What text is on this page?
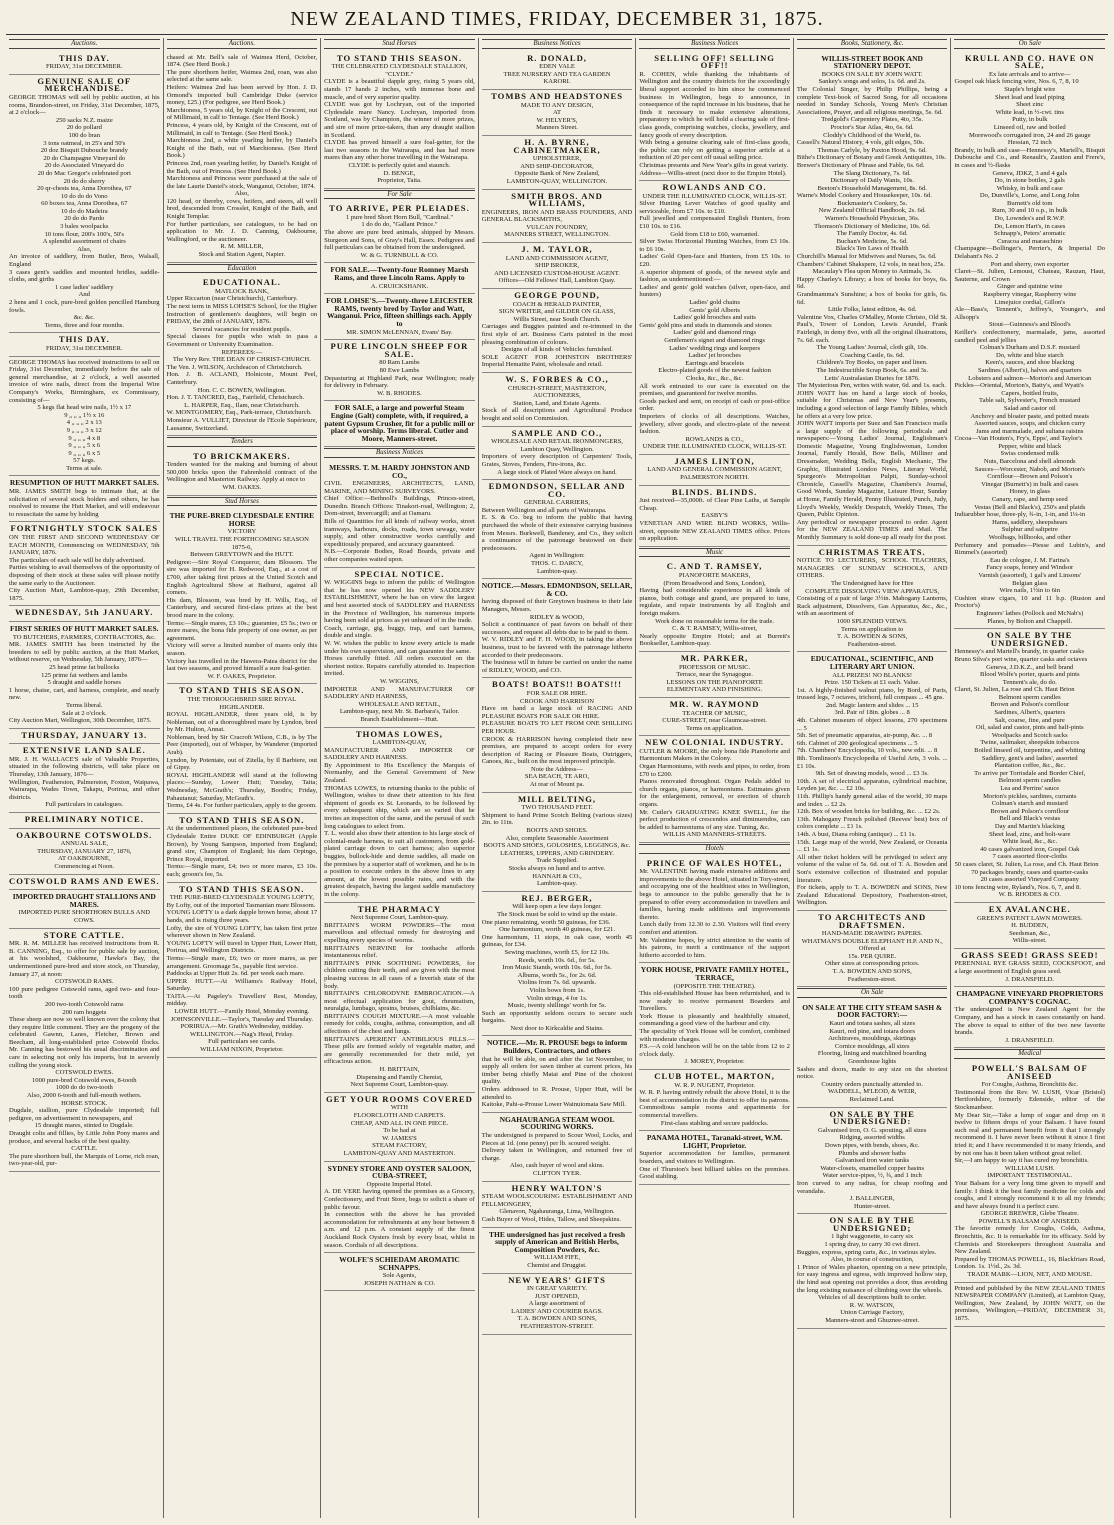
NEW ZEALAND TIMES, FRIDAY, DECEMBER 31, 1875.
Auctions.
THIS DAY.
FRIDAY, 31st DECEMBER.
GENUINE SALE OF MERCHANDISE.
GEORGE THOMAS will sell by public auction, at his rooms, Brandon-street, on Friday, 31st December, 1875, at 2 o'clock—
250 sacks N.Z. maize
20 do pollard
100 do bran
3 tons oatmeal, in 25's and 50's
20 doz Bisquit Dubouche brandy
20 do Champagne Vineyard do
20 do Associated Vineyard do
20 do Mac Gregor's celebrated port
20 do do sherry
20 qr-chests tea, Anna Dorothea, 67
10 do do do Vono
60 boxes tea, Anna Dorothea, 67
10 do do Madeira
20 do do Pardo
3 bales woolpacks
10 tons flour, 200's 100's, 50's
A splendid assortment of chairs
Also,
An invoice of saddlery, from Butler, Bros, Walsall, England
3 cases gent's saddles and mounted bridles, saddle-cloths, and girths
1 case ladies' saddlery
And
2 hens and 1 cock, pure-bred golden pencilled Hamburg fowls.
&c. &c.
Terms, three and four months.
THIS DAY.
FRIDAY, 31st DECEMBER.
GEORGE THOMAS has received instructions to sell on Friday, 31st December, immediately before the sale of general merchandise, at 2 o'clock, a well assorted invoice of wire nails, direct from the Imperial Wire Company's Works, Birmingham, ex Commissary, consisting of—
5 kegs flat head wire nails, 1½ x 17
9 „ „ „ 1½ x 16
4 „ „ „ 2 x 13
9 „ „ „ 3 x 12
9 „ „ „ 4 x 8
9 „ „ „ 5 x 6
9 „ „ „ 6 x 5
57 kegs.
Terms at sale.
RESUMPTION OF HUTT MARKET SALES.
MR. JAMES SMITH begs to intimate that, at the solicitation of several stock holders and others, he has resolved to resume the Hutt Market, and will endeavour to resuscitate the same by holding
FORTNIGHTLY STOCK SALES
ON THE FIRST AND SECOND WEDNESDAY OF EACH MONTH, Commencing on WEDNESDAY, 5th JANUARY, 1876.
The particulars of each sale will be duly advertised.
Parties wishing to avail themselves of the opportunity of disposing of their stock at these sales will please notify the same early to the Auctioneer.
City Auction Mart, Lambton-quay, 29th December, 1875.
WEDNESDAY, 5th JANUARY.
FIRST SERIES OF HUTT MARKET SALES.
TO BUTCHERS, FARMERS, CONTRACTORS, &c.
MR. JAMES SMITH has been instructed by the breeders to sell by public auction, at the Hutt Market, without reserve, on Wednesday, 5th January, 1876—
25 head prime fat bullocks
125 prime fat wethers and lambs
5 draught and saddle horses
1 horse, chaise, cart, and harness, complete, and nearly new.
Terms liberal.
Sale at 2 o'clock.
City Auction Mart, Wellington, 30th December, 1875.
THURSDAY, JANUARY 13.
EXTENSIVE LAND SALE.
MR. J. H. WALLACE'S sale of Valuable Properties, situated in the following districts, will take place on Thursday, 13th January, 1876—
Wellington, Featherston, Palmerston, Foxton, Waipawa, Wairarapa, Wades Town, Takapu, Porirua, and other districts.
Full particulars in catalogues.
PRELIMINARY NOTICE.
OAKBOURNE COTSWOLDS.
ANNUAL SALE,
THURSDAY, JANUARY 27, 1876,
AT OAKBOURNE,
Commencing at Noon.
COTSWOLD RAMS AND EWES.
IMPORTED DRAUGHT STALLIONS AND MARES.
IMPORTED PURE SHORTHORN BULLS AND COWS.
STORE CATTLE.
MR. R. M. MILLER has received instructions from R. B. CANNING, Esq., to offer for public sale by auction, at his woolshed, Oakbourne, Hawke's Bay, the undermentioned pure-bred and store stock, on Thursday, January 27, at noon:
COTSWOLD RAMS.
100 pure pedigree Cotswold rams, aged two- and four-tooth
200 two-tooth Cotswold rams
200 ram hoggets
These sheep are now so well known over the colony that they require little comment. They are the progeny of the celebrated Gawnn, Lanes, Fletcher, Brown and Beecham, all long-established prize Cotswold flocks. Mr. Canning has bestowed his usual discrimination and care in selecting not only his imports, but in severely culling the young stock.
COTSWOLD EWES.
1000 pure-bred Cotswold ewes, 8-tooth
1000 do do two-tooth
Also, 2000 6-tooth and full-mouth wethers.
HORSE STOCK.
Dugdale, stallion, pure Clydesdale imported; full pedigree, on advertisement in newspapers, and
15 draught mares, stinted to Dugdale.
Draught colts and fillies, by Little John Pony mares and produce, and several hacks of the best quality.
CATTLE.
The pure shorthorn bull, the Marquis of Lorne, rich roan, two-year-old, pur-
Auctions.
chased at Mr. Bell's sale of Waimea Herd, October, 1874. (See Herd Book.)
The pure shorthorn heifer, Waimea 2nd, roan, was also selected at the same sale.
Heifers: Waimea 2nd has been served by Hon. J. D. Ormond's imported bull Cambridge Duke (service money, £25.) (For pedigree, see Herd Book.)
Marchioness, 5 years old, by Knight of the Crescent, out of Millimaid, in calf to Tentage. (See Herd Book.)
Princess, 4 years old, by Knight of the Crescent, out of Millimaid, in calf to Tentage. (See Herd Book.)
Marchioness 2nd, a white yearling heifer, by Daniel's Knight of the Bath, out of Marchioness. (See Herd Book.)
Princess 2nd, roan yearling heifer, by Daniel's Knight of the Bath, out of Princess. (See Herd Book.)
Marchioness and Princess were purchased at the sale of the late Laurie Daniel's stock, Wanganui, October, 1874.
Also,
120 head, or thereby, cows, heifers, and steers, all well bred, descended from Crosslet, Knight of the Bath, and Knight Templar.
For further particulars, see catalogues, to be had on application to Mr. J. D. Canning, Oakbourne, Wallingford, or the auctioneer.
R. M. MILLER,
Stock and Station Agent, Napier.
Education
EDUCATIONAL.
MATLOCK BANK,
Upper Riccarton (near Christchurch), Canterbury.
The next term in MISS LOHSE'S School, for the Higher Instruction of gentlemen's daughters, will begin on FRIDAY, the 28th of JANUARY, 1876.
Several vacancies for resident pupils.
Special classes for pupils who wish to pass a Government or University Examination.
REFEREES:—
The Very Rev. THE DEAN OF CHRIST-CHURCH.
The Ven. J. WILSON, Archdeacon of Christchurch.
Hon. J. B. ACLAND, Holnicote, Mount Peel, Canterbury.
Hon. C. C. BOWEN, Wellington.
Hon. J. T. TANCRED, Esq., Fairfield, Christchurch.
L. HARPER, Esq., Ilam, near Christchurch.
W. MONTGOMERY, Esq., Park-terrace, Christchurch.
Monsieur A. VULLIET, Directeur de l'Ecole Supérieure, Lausanne, Switzerland.
Tenders
TO BRICKMAKERS.
Tenders wanted for the making and burning of about 500,000 bricks upon the Fahrenhold contract of the Wellington and Masterton Railway. Apply at once to
WM. OAKES.
Stud Horses
THE PURE-BRED CLYDESDALE ENTIRE HORSE
VICTORY
WILL TRAVEL THE FORTHCOMING SEASON 1875-6,
Between GREYTOWN and the HUTT.
Pedigree:—Sire Royal Conqueror, dam Blossom. The sire was imported for H. Redwood, Esq., at a cost of £700, after taking first prizes at the United Scotch and English Agricultural Show at Bathurst, against all comers.
His dam, Blossom, was bred by H. Wills, Esq., of Canterbury, and secured first-class prizes at the best brood mare in the colony.
Terms:—Single mares, £3 10s.; guarantee, £5 5s.; two or more mares, the bona fide property of one owner, as per agreement.
Victory will serve a limited number of mares only this season.
Victory has travelled in the Hawera-Patea district for the last two seasons, and proved himself a sure foal-getter.
W. F. OAKES, Proprietor.
TO STAND THIS SEASON.
THE THOROUGHBRED SIRE ROYAL HIGHLANDER.
ROYAL HIGHLANDER, three years old, is by Nobleman, out of a thoroughbred mare by Lyndon, bred by Mr. Hulton, Annat.
Nobleman, bred by Sir Cracroft Wilson, C.B., is by The Peer (imported), out of Whisper, by Wanderer (imported Arab).
Lyndon, by Potentate, out of Zitella, by Il Barbiere, out of Gipsy.
ROYAL HIGHLANDER will stand at the following places:—Sunday, Lower Hutt; Tuesday, Taita; Wednesday, McGrath's; Thursday, Booth's; Friday, Pahautanui; Saturday, McGrath's.
Terms, £4 4s. For further particulars, apply to the groom.
TO STAND THIS SEASON.
At the undermentioned places, the celebrated pure-bred Clydesdale Entire DUKE OF EDINBURGH (Apple Brown), by Young Sampson, imported from England; grand sire, Champion of England; his dam Orpingo, Prince Royal, imported.
Terms:—Single mare, £4; two or more mares, £3 10s. each; groom's fee, 5s.
TO STAND THIS SEASON.
THE PURE-BRED CLYDESDALE YOUNG LOFTY,
By Lofty, out of the imported Tasmanian mare Blossom.
YOUNG LOFTY is a dark dapple brown horse, about 17 hands, and is rising three years.
Lofty, the sire of YOUNG LOFTY, has taken first prize wherever shown in New Zealand.
YOUNG LOFTY will travel in Upper Hutt, Lower Hutt, Porirua, and Wellington Districts.
Terms:—Single mare, £6; two or more mares, as per arrangement. Groomage 5s., payable first service.
Paddocks at Upper Hutt 2s. 6d. per week each mare.
UPPER HUTT.—At Williams's Railway Hotel, Saturday.
TAITA.—At Pageley's Travellers' Rest, Monday, midday.
LOWER HUTT.—Family Hotel, Monday evening.
JOHNSONVILLE.—Taylor's, Tuesday and Thursday.
PORIRUA.—Mr. Grath's Wednesday, midday.
WELLINGTON.—Nag's Head, Friday.
Full particulars see cards.
WILLIAM NIXON, Proprietor.
Stud Horses
TO STAND THIS SEASON.
THE CELEBRATED CLYDESDALE STALLION, "CLYDE."
CLYDE is a beautiful dapple grey, rising 5 years old, stands 17 hands 2 inches, with immense bone and muscle, and of very superior quality.
CLYDE was got by Lochryan, out of the imported Clydesdale mare Nancy. Lochryan, imported from Scotland, was by Champion, the winner of more prizes, and sire of more prize-takers, than any draught stallion in Scotland.
CLYDE has proved himself a sure foal-getter, for the last two seasons in the Wairarapa, and has had more mares than any other horse travelling in the Wairarapa.
CLYDE is perfectly quiet and staunch.
D. BENGE,
Proprietor, Taita.
For Sale
TO ARRIVE, PER PLEIADES.
1 pure bred Short Horn Bull, "Cardinal."
1 do do do, "Gallant Prince."
The above are pure bred animals, shipped by Messrs. Sturgeon and Sons, of Gray's Hall, Essex. Pedigrees and full particulars can be obtained from the undersigned.
W. & G. TURNBULL & CO.
FOR SALE.—Twenty-four Romney Marsh Rams, and three Lincoln Rams. Apply to
A. CRUICKSHANK.
FOR LOHSE'S.—Twenty-three LEICESTER RAMS, twenty bred by Taylor and Watt, Wanganui. Price, fifteen shillings each. Apply to
MR. SIMON McLENNAN, Evans' Bay.
PURE LINCOLN SHEEP FOR SALE.
80 Ram Lambs
80 Ewe Lambs
Depasturing at Highland Park, near Wellington; ready for delivery in February.
W. B. RHODES.
FOR SALE, a large and powerful Steam Engine (Galt) complete, with, if required, a patent Gypsum Crusher, fit for a public mill or place of worship. Terms liberal. Cutler and Moore, Manners-street.
Business Notices
MESSRS. T. M. HARDY JOHNSTON AND CO.,
CIVIL ENGINEERS, ARCHITECTS, LAND, MARINE, AND MINING SURVEYORS.
Chief Office:—Bethnoll's Buildings, Princes-street, Dunedin. Branch Offices: Tinakori-road, Wellington; 2, Dom-street, Invercargill; and at Oamaru.
Bills of Quantities for all kinds of railway works, street tramways, harbours, docks, roads, town sewage, water supply, and other constructive works carefully and expeditiously prepared, and accuracy guaranteed.
N.B.—Corporate Bodies, Road Boards, private and other companies waited upon.
SPECIAL NOTICE.
W. WIGGINS begs to inform the public of Wellington that he has now opened his NEW SADDLERY ESTABLISHMENT, where he has on view the largest and best assorted stock of SADDLERY and HARNESS in the Province of Wellington, his numerous imports having been sold at prices as yet unheard of in the trade.
Coach, carriage, gig, buggy, trap, and cart harness, double and single.
W. W. wishes the public to know every article is made under his own supervision, and can guarantee the same.
Horses carefully fitted. All orders executed on the shortest notice. Repairs carefully attended to. Inspection invited.
W. WIGGINS,
IMPORTER AND MANUFACTURER OF SADDLERY AND HARNESS,
WHOLESALE AND RETAIL,
Lambton-quay, next Mr. St. Barbara's, Tailor.
Branch Establishment—Hutt.
THOMAS LOWES,
LAMBTON-QUAY,
MANUFACTURER AND IMPORTER OF SADDLERY AND HARNESS.
By Appointment to His Excellency the Marquis of Normanby, and the General Government of New Zealand.
THOMAS LOWES, in returning thanks to the public of Wellington, wishes to draw their attention to his first shipment of goods ex St. Leonards, to be followed by every subsequent ship, which are so varied that he invites an inspection of the same, and the perusal of such long catalogues to select from.
T. L. would also draw their attention to his large stock of colonial-made harness, to suit all customers, from gold-plated carriage down to cart harness; also superior buggies, bullock-hide and demie saddles, all made on the premises by a superior staff of workmen, and he is in a position to execute orders in the above lines to any amount, at the lowest possible rates, and with the greatest despatch, having the largest saddle manufactory in the colony.
THE PHARMACY
Next Supreme Court, Lambton-quay.
BRITTAIN'S WORM POWDERS—The most marvellous and effectual remedy for destroying and expelling every species of worms.
BRITTAIN'S NERVINE for toothache affords instantaneous relief.
BRITTAIN'S PINK SOOTHING POWDERS, for children cutting their teeth, and are given with the most pleasing success in all cases of a feverish state of the body.
BRITTAIN'S CHLORODYNE EMBROCATION.—A most effectual application for gout, rheumatism, neuralgia, lumbago, sprains, bruises, chilblains, &c.
BRITTAIN'S COUGH MIXTURE.—A most valuable remedy for colds, coughs, asthma, consumption, and all affections of the chest and lungs.
BRITTAIN'S APERIENT ANTIBILIOUS PILLS.—These pills are formed solely of vegetable matter, and are generally recommended for their mild, yet efficacious action.
H. BRITTAIN,
Dispensing and Family Chemist,
Next Supreme Court, Lambton-quay.
GET YOUR ROOMS COVERED
WITH
FLOORCLOTH AND CARPETS.
CHEAP, AND ALL IN ONE PIECE.
To be had at
W. JAMES'S
STEAM FACTORY,
LAMBTON-QUAY AND MASTERTON.
SYDNEY STORE AND OYSTER SALOON, CUBA-STREET,
Opposite Imperial Hotel.
A. DE VERE having opened the premises as a Grocery, Confectionery, and Fruit Store, begs to solicit a share of public favour.
In connection with the above he has provided accommodation for refreshments at any hour between 8 a.m. and 12 p.m. A constant supply of the finest Auckland Rock Oysters fresh by every boat, whilst in season. Cordials of all descriptions.
WOLFE'S SCHIEDAM AROMATIC SCHNAPPS.
Sole Agents,
JOSEPH NATHAN & CO.
Business Notices
R. DONALD,
EDEN VALE
TREE NURSERY AND TEA GARDEN
KARORI.
TOMBS AND HEADSTONES
MADE TO ANY DESIGN,
AT
W. HELYER'S,
Manners Street.
H. A. BYRNE, CABINETMAKER,
UPHOLSTERER,
AND SHIP-DECORATOR,
Opposite Bank of New Zealand,
LAMBTON-QUAY, WELLINGTON.
SMITH BROS. AND WILLIAMS,
ENGINEERS, IRON AND BRASS FOUNDERS, AND GENERAL BLACKSMITHS,
VULCAN FOUNDRY,
MANNERS STREET, WELLINGTON.
J. M. TAYLOR,
LAND AND COMMISSION AGENT,
SHIP BROKER,
AND LICENSED CUSTOM-HOUSE AGENT.
Offices—Old Fellows' Hall, Lambton Quay.
GEORGE POUND,
COACH & HERALD PAINTER,
SIGN WRITER, and GILDER ON GLASS,
Willis Street, near South Church.
Carriages and Buggies painted and re-trimmed in the first style of art. Business Carts painted in the most pleasing combination of colours.
Designs of all kinds of Vehicles furnished.
SOLE AGENT FOR JOHNSTON BROTHERS' Imperial Hematite Paint, wholesale and retail.
W. S. FORBES & CO.,
CHURCH-STREET, MASTERTON,
AUCTIONEERS,
Station, Land, and Estate Agents.
Stock of all descriptions and Agricultural Produce bought and sold on Commission.
SAMPLE AND CO.,
WHOLESALE AND RETAIL IRONMONGERS,
Lambton Quay, Wellington.
Importers of every description of Carpenters' Tools, Grates, Stoves, Fenders, Fire-irons, &c.
A large stock of Plated Ware always on hand.
EDMONDSON, SELLAR AND CO.
GENERAL CARRIERS,
Between Wellington and all parts of Wairarapa.
E. S. & Co. beg to inform the public that having purchased the whole of their extensive carrying business from Messrs. Burkwell, Bandeney, and Co., they solicit a continuance of the patronage bestowed on their predecessors.
Agent in Wellington:
THOS. C. DARCY,
Lambton-quay.
NOTICE.—Messrs. EDMONDSON, SELLAR, & CO.
having disposed of their Greytown business to their late Managers, Messrs.
RIDLEY & WOOD,
Solicit a continuance of past favors on behalf of their successors, and request all debts due to be paid to them.
W. V. RIDLEY and F. H. WOOD, in taking the above business, trust to be favored with the patronage hitherto accorded to their predecessors.
The business will in future be carried on under the name of RIDLEY, WOOD, and CO.
BOATS! BOATS!! BOATS!!!
FOR SALE OR HIRE.
CROOK AND HARRISON
Have on hand a large stock of RACING AND PLEASURE BOATS FOR SALE OR HIRE.
PLEASURE BOATS TO LET FROM ONE SHILLING PER HOUR.
CROOK & HARRISON having completed their new premises, are prepared to accept orders for every description of Racing or Pleasure Boats, Outriggers, Canoes, &c., built on the most improved principle.
Note the Address—
SEA BEACH, TE ARO,
At rear of Mount pa.
MILL BELTING,
TWO THOUSAND FEET.
Shipment to hand Prime Scotch Belting (various sizes) 2in. to 11in.
BOOTS AND SHOES.
Also, complete Seasonable Assortment
BOOTS AND SHOES, GOLOSHES, LEGGINGS, &c.
LEATHERS, UPPERS, AND GRINDERY.
Trade Supplied.
Stocks always on hand and to arrive.
HANNAH & CO.,
Lambton-quay.
REJ. BERGER,
Will keep open a few days longer.
The Stock must be sold to wind up the estate.
One piano remaining, worth 50 guineas, for £36.
One harmonium, worth 40 guineas, for £21.
One harmonium, 11 stops, in oak case, worth 45 guineas, for £34.
Sewing machines, worth £5, for £2 10s.
Reeds, worth 10s. 6d., for 5s.
Iron Music Stands, worth 10s. 6d., for 5s.
Albums, worth 5s., for 2s. 6d.
Violins from 7s. 6d. upwards.
Violin bows from 1s.
Violin strings, 4 for 1s.
Music, twenty shillings' worth for 5s.
Such an opportunity seldom occurs to secure such bargains.
Next door to Kirkcaldie and Stains.
NOTICE.—Mr. R. PROUSE begs to inform Builders, Contractors, and others
that he will be able, on and after the 1st November, to supply all orders for sawn timber at current prices, his timber being chiefly Matai and Pine of the choicest quality.
Orders addressed to R. Prouse, Upper Hutt, will be attended to.
Kaitoke, Pahi-a-Prouse Lower Wainuiomata Saw Mill.
NGAHAURANGA STEAM WOOL SCOURING WORKS.
The undersigned is prepared to Scour Wool, Locks, and Pieces at 1d. (one penny) per lb. scoured weight.
Delivery taken in Wellington, and returned free of charge.
Also, cash buyer of wool and skins.
CLIFTON TYER.
HENRY WALTON'S
STEAM WOOLSCOURING ESTABLISHMENT AND FELLMONGERY,
Glenavon, Ngahauranga, Lima, Wellington.
Cash Buyer of Wool, Hides, Tallow, and Sheepskins.
THE undersigned has just received a fresh supply of American and British Herbs, Composition Powders, &c.
WILLIAM FIFE,
Chemist and Druggist.
NEW YEARS' GIFTS
IN GREAT VARIETY.
JUST OPENED,
A large assortment of
LADIES' AND COURIER BAGS.
T. A. BOWDEN AND SONS,
FEATHERSTON-STREET.
Business Notices
SELLING OFF! SELLING OFF!!
R. COHEN, while thanking the inhabitants of Wellington and the country districts for the exceedingly liberal support accorded to him since he commenced business in Wellington, begs to announce, in consequence of the rapid increase in his business, that he finds it necessary to make extensive alterations, preparatory to which he will hold a clearing sale of first-class goods, comprising watches, clocks, jewellery, and fancy goods of every description.
With being a genuine clearing sale of first-class goods, the public can rely on getting a superior article at a reduction of 20 per cent off usual selling price.
Christmas presents and New Year's gifts in great variety.
Address—Willis-street (next door to the Empire Hotel).
ROWLANDS AND CO.
UNDER THE ILLUMINATED CLOCK, WILLIS-ST.
Silver Hunting Lever Watches of good quality and serviceable, from £7 10s. to £10.
Full jewelled and compensated English Hunters, from £10 10s. to £16.
Gold from £18 to £60, warranted.
Silver Swiss Horizontal Hunting Watches, from £3 10s. to £6 10s.
Ladies' Gold Open-face and Hunters, from £5 10s. to £20.
A superior shipment of goods, of the newest style and fashion, as undermentioned:—
Ladies' and gents' gold watches (silver, open-face, and hunters)
Ladies' gold chains
Gents' gold Alberts
Ladies' gold brooches and suits
Gents' gold pins and studs in diamonds and stones
Ladies' gold and diamond rings
Gentlemen's signet and diamond rings
Ladies' wedding rings and keepers
Ladies' jet brooches
Earrings and bracelets
Electro-plated goods of the newest fashion
Clocks, &c., &c., &c.
All work entrusted to our care is executed on the premises, and guaranteed for twelve months.
Goods packed and sent, on receipt of cash or post-office order.
Importers of clocks of all descriptions. Watches, jewellery, silver goods, and electro-plate of the newest fashion.
ROWLANDS & CO.,
UNDER THE ILLUMINATED CLOCK, WILLIS-ST.
JAMES LINTON,
LAND AND GENERAL COMMISSION AGENT,
PALMERSTON NORTH.
BLINDS. BLINDS.
Just received—35,000ft. of Clear Pine Laths, at Sample Cheap.
EASBY'S
VENETIAN AND WIRE BLIND WORKS, Willis-street, opposite NEW ZEALAND TIMES office. Prices on application.
Music
C. AND T. RAMSEY,
PIANOFORTE MAKERS,
(From Broadwood and Sons, London),
Having had considerable experience in all kinds of pianos, both cottage and grand, are prepared to tune, regulate, and repair instruments by all English and foreign makers.
Work done on reasonable terms for the trade.
C. & T. RAMSEY, Willis-street,
Nearly opposite Empire Hotel; and at Burrett's Bookseller, Lambton-quay.
MR. PARKER,
PROFESSOR OF MUSIC.
Terrace, near the Synagogue.
LESSONS ON THE PIANOFORTE
ELEMENTARY AND FINISHING.
MR. W. RAYMOND
TEACHER OF MUSIC,
CURE-STREET, near Glaumcaa-street.
Terms on application.
NEW COLONIAL INDUSTRY.
CUTLER & MOORE, the only bona fide Pianoforte and Harmonium Makers in the Colony.
Organ Harmoniums, with reeds and pipes, to order, from £70 to £200.
Pianos renovated throughout. Organ Pedals added to church organs, pianos, or harmoniums. Estimates given for the enlargement, removal, or erection of church organs.
Mr. Cutler's GRADUATING KNEE SWELL, for the perfect production of crescendos and diminuendos, can be added to harmoniums of any size. Tuning, &c.
WILLIS AND MANNERS-STREETS.
Hotels
PRINCE OF WALES HOTEL,
Mr. VALENTINE having made extensive additions and improvements to the above Hotel, situated in Tory-street, and occupying one of the healthiest sites in Wellington, begs to announce to the public generally that he is prepared to offer every accommodation to travellers and families, having made additions and improvements thereto.
Lunch daily from 12.30 to 2.30. Visitors will find every comfort and attention.
Mr. Valentine hopes, by strict attention to the wants of his patrons, to merit a continuance of the support hitherto accorded to him.
YORK HOUSE, PRIVATE FAMILY HOTEL, TERRACE,
(OPPOSITE THE THEATRE).
This old-established House has been refurnished, and is now ready to receive permanent Boarders and Travellers.
York House is pleasantly and healthfully situated, commanding a good view of the harbour and city.
The speciality of York House will be comfort, combined with moderate charges.
P.S.—A cold luncheon will be on the table from 12 to 2 o'clock daily.
J. MOREY, Proprietor.
CLUB HOTEL, MARTON,
W. R. P. NUGENT, Proprietor.
W. R. P. having entirely rebuilt the above Hotel, it is the best of accommodation in the district to offer its patrons. Commodious sample rooms and appartments for commercial travellers.
First-class stabling and secure paddocks.
PANAMA HOTEL, Taranaki-street, W.M. LIGHT, Proprietor.
Superior accommodation for families, permanent boarders, and visitors to Wellington.
One of Thurston's best billiard tables on the premises. Good stabling.
Books, Stationery, &c.
WILLIS-STREET BOOK AND STATIONERY DEPOT.
BOOKS ON SALE BY JOHN WATT.
Sankey's songs and solos, 1s. 6d. and 2s.
The Colonial Singer, by Philip Phillips, being a complete Text-book of Sacred Song, for all occasions needed in Sunday Schools, Young Men's Christian Associations, Prayer, and all religious meetings, 5s. 6d.
Tredgold's Carpentery Plates, 4to, 35s.
Proctor's Star Atlas, 4to, 6s. 6d.
Cloddy's Childhood of the World, 6s.
Cassell's Natural History, 4 vols, gilt edges, 50s.
Thomas Carlyle, by Paxton Hood, 9s. 6d.
Bithe's Dictionary of Botany and Greek Antiquities, 10s.
Brewer's Dictionary of Phrase and Fable, 6s. 6d.
The Slang Dictionary, 7s. 6d.
Dictionary of Daily Wants, 10s.
Beeton's Household Management, 8s. 6d.
Warne's Model Cookery and Housekeeper, 10s. 6d.
Buckmaster's Cookery, 5s.
New Zealand Official Handbook, 2s. 6d.
Warren's Household Physician, 36s.
Thomson's Dictionary of Medicine, 10s. 6d.
The Family Doctor, 4s. 6d.
Buchan's Medicine, 5s. 6d.
Black's Ten Laws of Health
Churchill's Manual for Midwives and Nurses, 5s. 6d.
Chambers' Cabinet Shakspere, 12 vols, in neat box, 25s.
Macaulay's Flea upon Money to Animals, 3s.
Happy Charley's Library; a box of books for boys, 6s. 6d.
Grandmamma's Sunshine; a box of books for girls, 6s. 6d.
Little Folks, latest edition, 4s. 6d.
Valentine Vox, Charles O'Malley, Monte Christo, Old St. Paul's, Tower of London, Lewis Arundel, Frank Fairleigh, in demy 8vo, with all the original illustrations, 7s. 6d. each.
The Young Ladies' Journal, cloth gilt, 10s.
Coaching Castle, 6s. 6d.
Children's Toy Books, on paper and linen.
The Indestructible Scrap Book, 6s. and 3s.
Letts' Australasian Diaries for 1876.
The Mysterious Pen, writes with water, 6d. and 1s. each.
JOHN WATT has on hand a large stock of books, suitable for Christmas and New Year's presents, including a good selection of large Family Bibles, which he offers at a very low price.
JOHN WATT imports per Suez and San Francisco mails a large supply of the following periodicals and newspapers:—Young Ladies' Journal, Englishman's Domestic Magazine, Young Englishwoman, London Journal, Family Herald, Bow Bells, Milliner and Dressmaker, Wedding Bells, English Mechanic, The Graphic, Illustrated London News, Literary World, Spurgeon's Metropolitan Pulpit, Sunday-school Chronicle, Cassell's Magazine, Chambers's Journal, Good Words, Sunday Magazine, Leisure Hour, Sunday at Home, Family Herald, Penny Illustrated, Punch, Judy, Lloyd's Weekly, Weekly Despatch, Weekly Times, The Queen, Public Opinion.
Any periodical or newspaper procured to order. Agent for the NEW ZEALAND TIMES and Mail. The Monthly Summary is sold done-up all ready for the post.
CHRISTMAS TREATS.
NOTICE TO LECTURERS, SCHOOL TEACHERS, MANAGERS OF SUNDAY SCHOOLS, AND OTHERS.
The Undersigned have for Hire
COMPLETE DISSOLVING VIEW APPARATUS,
Consisting of a pair of large 3½in. Mahogany Lanterns, Rack adjustment, Dissolvers, Gas Apparatus, &c., &c., with an assortment of
1000 SPLENDID VIEWS.
Terms on application to
T. A. BOWDEN & SONS,
Featherston-street.
EDUCATIONAL, SCIENTIFIC, AND LITERARY ART UNION.
ALL PRIZES! NO BLANKS!
Prize. 150 Tickets at £1 each. Value.
1st. A highly-finished walnut piano, by Bord, of Paris, trussed legs, 7 octaves, trichord, full compass ... 45 gns.
2nd. Magic lantern and slides ... 15
3rd. Pair of 18in. globes ... 8
4th. Cabinet museum of object lessons, 270 specimens ... 5
5th. Set of pneumatic apparatus, air-pump, &c. ... 8
6th. Cabinet of 200 geological specimens ... 5
7th. Chambers' Encyclopedia, 10 vols., new edit. ... 8
8th. Tomlinson's Encyclopedia of Useful Arts, 3 vols. ... £1 10s.
9th. Set of drawing models, wood ... £3 3s.
10th. A set of electrical apparatus, cylindrical machine, Leyden jar, &c. ... £2 10s.
11th. Phillip's handy general atlas of the world, 30 maps and index ... £2 2s.
12th. Box of wooden bricks for building, &c. ... £2 2s.
13th. Mahogany French polished (Reeves' best) box of colors complete ... £1 1s.
14th. A bust, Diana robing (antique) ... £1 1s.
15th. Large map of the world, New Zealand, or Oceania ... £1 1s.
All other ticket holders will be privileged to select any volume of the value of 5s. 6d. out of T. A. Bowden and Son's extensive collection of illustrated and popular literature.
For tickets, apply to T. A. BOWDEN and SONS, New Zealand Educational Depository, Featherston-street, Wellington.
TO ARCHITECTS AND DRAFTSMEN.
HAND-MADE DRAWING PAPERS.
WHATMAN'S DOUBLE ELEPHANT H.P. AND N.,
Offered at
15s. PER QUIRE.
Other sizes at corresponding prices.
T. A. BOWDEN AND SONS,
Featherston-street.
On Sale
ON SALE AT THE CITY STEAM SASH & DOOR FACTORY:—
Kauri and totara sashes, all sizes
Kauri, red pine, and totara doors
Architraves, mouldings, skirtings
Cornice mouldings, all sizes
Flooring, lining and matchlined boarding
Greenhouse lights
Sashes and doors, made to any size on the shortest notice.
Country orders punctually attended to.
WADDELL, M'LEOD, & WEIR,
Reclaimed Land.
ON SALE BY THE UNDERSIGNED:
Galvanised iron, O. G. spouting, all sizes
Ridging, assorted widths
Down pipes, with bends, shoes, &c.
Plumbs and shower baths
Galvanised iron water tanks
Water-closets, enamelled copper basins
Water service-pipes, ½, ¾, and 1 inch
Iron curved to any radius, for cheap roofing and verandahs.
J. BALLINGER,
Hunter-street.
ON SALE BY THE UNDERSIGNED;
1 light waggonette, to carry six
1 spring dray, to carry 30 cwt direct.
Buggies, express, spring carts, &c., in various styles.
Also, in course of construction,
1 Prince of Wales phaeton, opening on a new principle, for easy ingress and egress, with improved hollow step, the hind seat opening out provides a door, thus avoiding the long existing nuisance of climbing over the wheels.
Vehicles of all descriptions built to order.
R. W. WATSON,
Union Carriage Factory,
Manners-street and Ghuznee-street.
On Sale
KRULL AND CO. HAVE ON SALE,
Ex late arrivals and to arrive—
Gospel oak black fencing wire, Nos. 6, 7, 8, 10
Staple's bright wire
Sheet lead and lead piping
Sheet zinc
White lead, in ½-cwt. tins
Putty, in bulk
Linseed oil, raw and boiled
Morewood's corrugated iron, 24 and 26 gauge
Hessian, 72 inch
Brandy, in bulk and case—Hennessy's, Martell's, Bisquit Dubouche and Co., and Renault's, Zaution and Frere's, in cases and ½-flasks
Geneva, JDKZ, 3 and 4 gals
Do, in stone bottles, 2 gals
Whisky, in bulk and case
Do, Dunville's, Lorne, and Long John
Burnett's old tom
Rum, 30 and 10 o.p., in bulk
Do, Lowndes's and R.W.P.
Do, Lemon Hart's, in cases
Schnapp's, Peters' aromatic
Curacoa and maraschino
Champagne—Bollinger's, Perrier's, & Imperial Do Delabant's No. 2
Port and sherry, own exporter
Claret—St. Julien, Lemoust, Chateau, Rauzan, Haut, Sauterne, and Crown
Ginger and quinine wine
Raspberry vinegar, Raspberry wine
Limejuice cordial, Gillon's
Ale—Bass's, Tennent's, Jeffrey's, Younger's, and Allsopp's
Stout—Guinness's and Blood's
Keiller's confectionery, marmalade, jams, assorted candied peel and jellies
Colman's Durham and D.S.F. mustard
Do, white and blue starch
Keen's, sauces, and shoe blacking
Sardines (Albert's), halves and quarters
Lobsters and salmon—Morton's and American
Pickles—Oriental, Morton's, Batty's, and Wyatt's
Capers, bottled fruits,
Table salt, Sylvester's, French mustard
Salad and castor oil
Anchovy and bloater paste, and potted meats
Assorted sauces, soups, and chicken curry
Jams and marmalade, and sultana raisins
Cocoa—Van Houten's, Fry's, Epps', and Taylor's
Pepper, white and black
Swiss condensed milk
Nuts, Barcelona and shell almonds
Sauces—Worcester, Nabob, and Morton's
Cornflour—Brown and Polson's
Vinegar (Burnett's) in bulk and cases
Honey, in glass
Canary, rape, and hemp seed
Vestas (Bell and Black's), 250's and plaids
Indiarubber hose, three-ply, ¾-in, 1-in, and 1¼-in
Hams, saddlery, sheepshears
Sulphur and saltpetre
Woolbags, billhooks, and other
Perfumery and pomades—Piesse and Lubin's, and Rimmel's (assorted)
Eau de cologne, J. M. Farina's
Fancy soaps, honey and Windsor
Varnish (assorted), 1 gal's and Linsons'
Belgian glass
Wire nails, 1½in to 6in
Cushion straw cigars, 10 and 11 b.p. (Ruston and Proctor's)
Engineers' lathes (Pollock and McNab's)
Planes, by Bolton and Chappell.
ON SALE BY THE UNDERSIGNED.
Hennessy's and Martell's brandy, in quarter casks
Bruno Silva's port wine, quarter casks and octaves
Geneva, J.D.K.Z., and bell brand
Blood Wolfe's porter, quarts and pints
Tennent's ale, do do.
Claret, St. Julien, La rose and Ch. Haut Brion
Belmont sperm candles
Brown and Polson's cornflour
Sardines, Albert's, quarters
Salt, coarse, fine, and pure
Oil, salad and castor, pints and half-pints
Woolpacks and Scotch sacks
Twine, sailmaker, sheepskin tobaccos
Boiled linseed oil, turpentine, and whiting
Saddlery, gent's and ladies', assorted
Plantation coffee, &c., &c.
To arrive per Torrisdale and Border Chief,
Belmont sperm candles
Lea and Perrins' sauce
Morton's pickles, sardines, currants
Colman's starch and mustard
Brown and Polson's cornflour
Bell and Black's vestas
Day and Martin's blacking
Sheet lead, zinc, and bolt-ware
White lead, &c., &c.
40 cases galvanized iron, Gospel Oak
7 cases assorted floor-cloths
50 cases claret, St. Julien, La rose, and Ch. Haut Brion
70 packages brandy, cases and quarter-casks
20 cases assorted Vineyard Company
10 tons fencing wire, Ryland's, Nos. 6, 7, and 8.
W. B. RHODES & CO.
EX AVALANCHE.
GREEN'S PATENT LAWN MOWERS.
H. BUDDEN,
Seedsman, &c.,
Willis-street.
GRASS SEED! GRASS SEED!
PERENNIAL RYE GRASS SEED, COCKSFOOT, and a large assortment of English grass seed.
J. DRANSFIELD.
CHAMPAGNE VINEYARD PROPRIETORS COMPANY'S COGNAC.
The undersigned is New Zealand Agent for the Company, and has a stock in cases constantly on hand. The above is equal to either of the two new favorite brands.
J. DRANSFIELD.
Medical
POWELL'S BALSAM OF ANISEED
For Coughs, Asthma, Bronchitis &c.
Testimonial from the Rev. W. LUSH, Vicar (Bristol) Hertfordshire, formerly Edenside, editor of the Stockmanbeer.
My Dear Sir,—Take a lump of sugar and drop on it twelve to fifteen drops of your Balsam. I have found such real and permanent benefit from it that I strongly recommend it. I have never been without it since I first tried it; and I have recommended it to many friends, and by not one has it been taken without great relief.
Sir,—I am happy to say it has cured my bronchitis.
WILLIAM LUSH.
IMPORTANT TESTIMONIAL.
Your Balsam for a very long time given to myself and family. I think it the best family medicine for colds and coughs, and I strongly recommend it to all my friends; and have always found it a perfect cure.
GEORGE BREWER, Glebe Theatre.
POWELL'S BALSAM OF ANISEED.
The favorite remedy for Coughs, Colds, Asthma, Bronchitis, &c. It is remarkable for its efficacy. Sold by Chemists and Storekeepers throughout Australia and New Zealand.
Prepared by THOMAS POWELL, 16, Blackfriars Road, London. 1s. 1½d., 2s. 3d.
TRADE MARK—LION, NET, AND MOUSE.
Printed and published by the NEW ZEALAND TIMES NEWSPAPER COMPANY (Limited), at Lambton Quay, Wellington, New Zealand, by JOHN WATT, on the premises, Wellington,—FRIDAY, DECEMBER 31, 1875.
